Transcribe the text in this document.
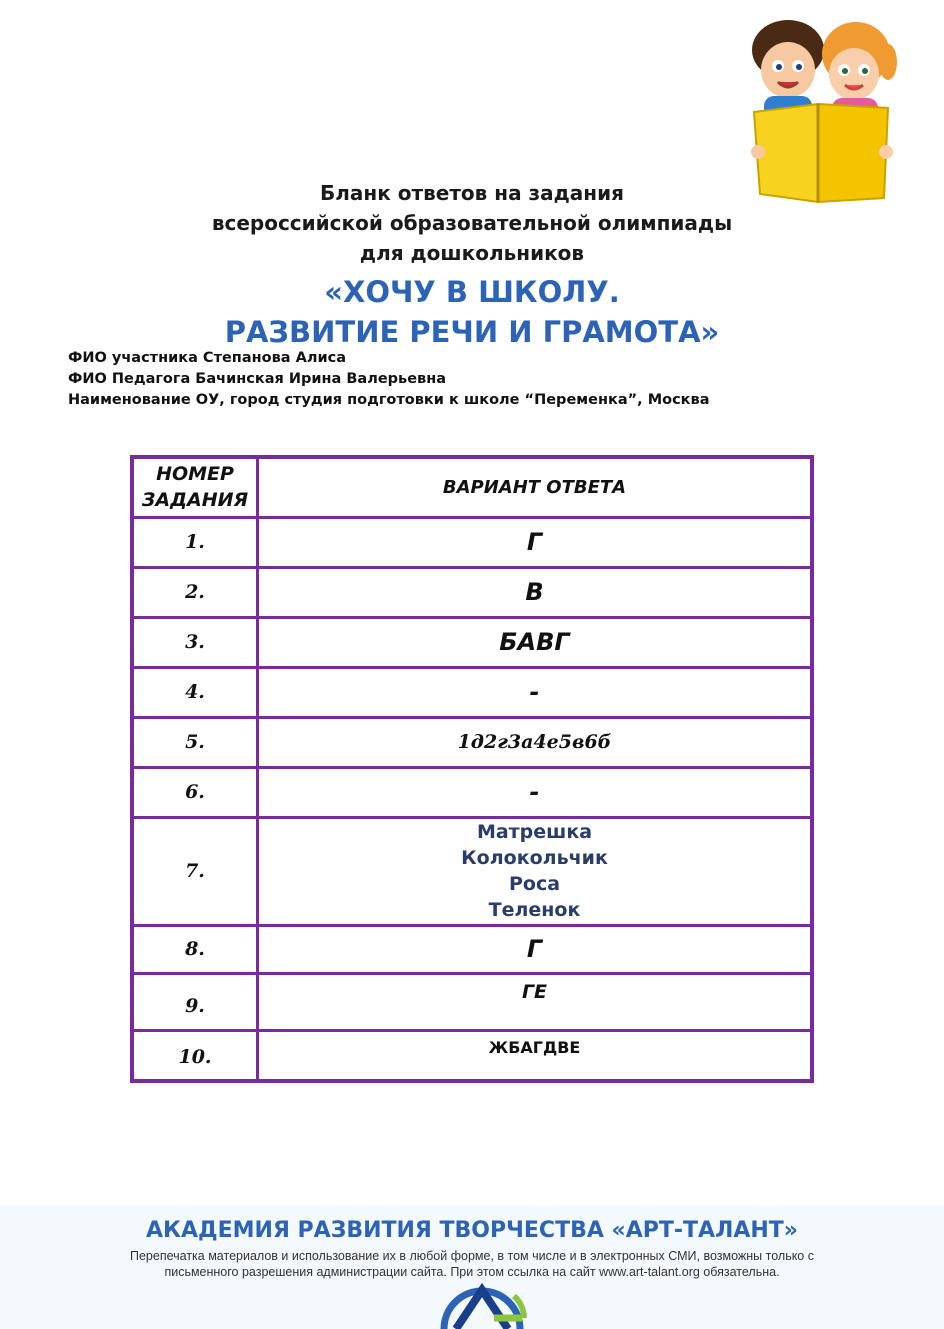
Бланк ответов на задания
всероссийской образовательной олимпиады
для дошкольников
«ХОЧУ В ШКОЛУ.
РАЗВИТИЕ РЕЧИ И ГРАМОТА»
ФИО участника Степанова Алиса
ФИО Педагога Бачинская Ирина Валерьевна
Наименование ОУ, город студия подготовки к школе “Переменка”, Москва
НОМЕР
ЗАДАНИЯ	ВАРИАНТ ОТВЕТА
1.	Г
2.	В
3.	БАВГ
4.	-
5.	1д2г3а4е5в6б
6.	-
7.	Матрешка
Колокольчик
Роса
Теленок

8.	Г
9.	ГЕ
10.	ЖБАГДВЕ
АКАДЕМИЯ РАЗВИТИЯ ТВОРЧЕСТВА «АРТ-ТАЛАНТ»
Перепечатка материалов и использование их в любой форме, в том числе и в электронных СМИ, возможны только с
письменного разрешения администрации сайта. При этом ссылка на сайт www.art-talant.org обязательна.
